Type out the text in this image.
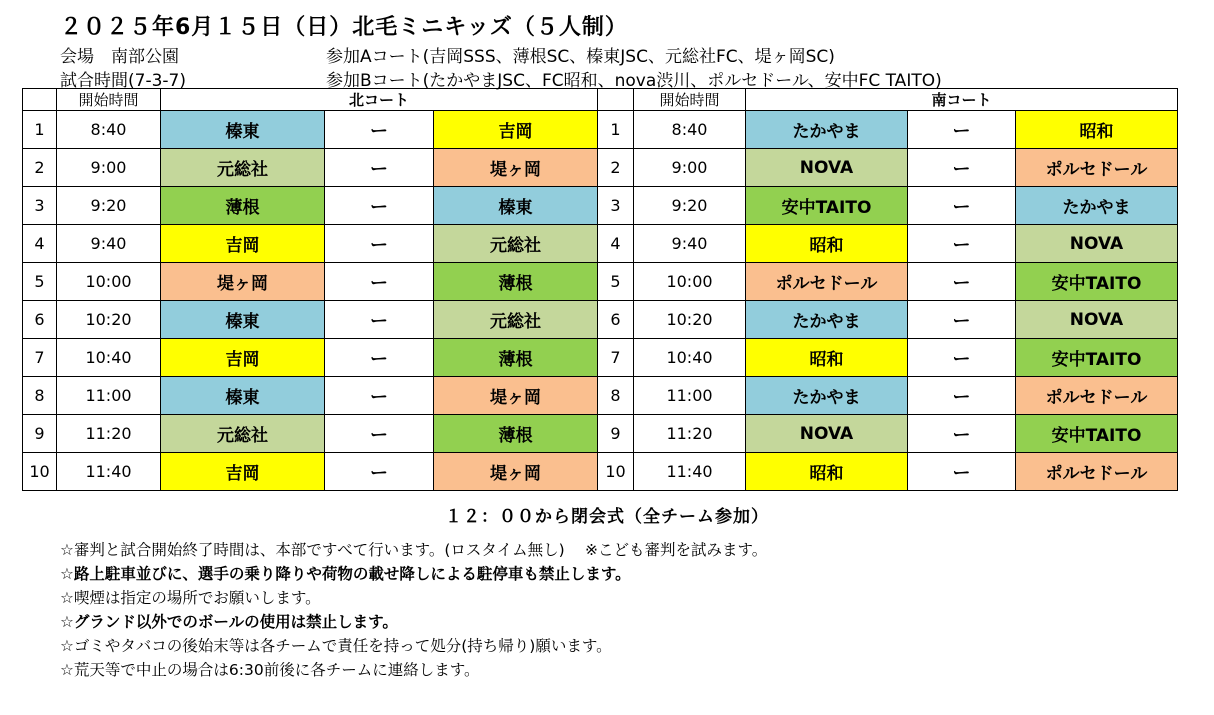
２０２５年6月１５日（日）北毛ミニキッズ（５人制）
会場　南部公園
試合時間(7-3-7)
参加Aコート(吉岡SSS、薄根SC、榛東JSC、元総社FC、堤ヶ岡SC)
参加Bコート(たかやまJSC、FC昭和、nova渋川、ポルセドール、安中FC TAITO)
	開始時間	北コート				開始時間	南コート		
1	8:40	榛東	ー	吉岡	1	8:40	たかやま	ー	昭和
2	9:00	元総社	ー	堤ヶ岡	2	9:00	NOVA	ー	ポルセドール
3	9:20	薄根	ー	榛東	3	9:20	安中TAITO	ー	たかやま
4	9:40	吉岡	ー	元総社	4	9:40	昭和	ー	NOVA
5	10:00	堤ヶ岡	ー	薄根	5	10:00	ポルセドール	ー	安中TAITO
6	10:20	榛東	ー	元総社	6	10:20	たかやま	ー	NOVA
7	10:40	吉岡	ー	薄根	7	10:40	昭和	ー	安中TAITO
8	11:00	榛東	ー	堤ヶ岡	8	11:00	たかやま	ー	ポルセドール
9	11:20	元総社	ー	薄根	9	11:20	NOVA	ー	安中TAITO
10	11:40	吉岡	ー	堤ヶ岡	10	11:40	昭和	ー	ポルセドール
１２：００から閉会式（全チーム参加）
☆審判と試合開始終了時間は、本部ですべて行います。(ロスタイム無し)　 ※こども審判を試みます。
☆路上駐車並びに、選手の乗り降りや荷物の載せ降しによる駐停車も禁止します。
☆喫煙は指定の場所でお願いします。
☆グランド以外でのボールの使用は禁止します。
☆ゴミやタバコの後始末等は各チームで責任を持って処分(持ち帰り)願います。
☆荒天等で中止の場合は6:30前後に各チームに連絡します。
